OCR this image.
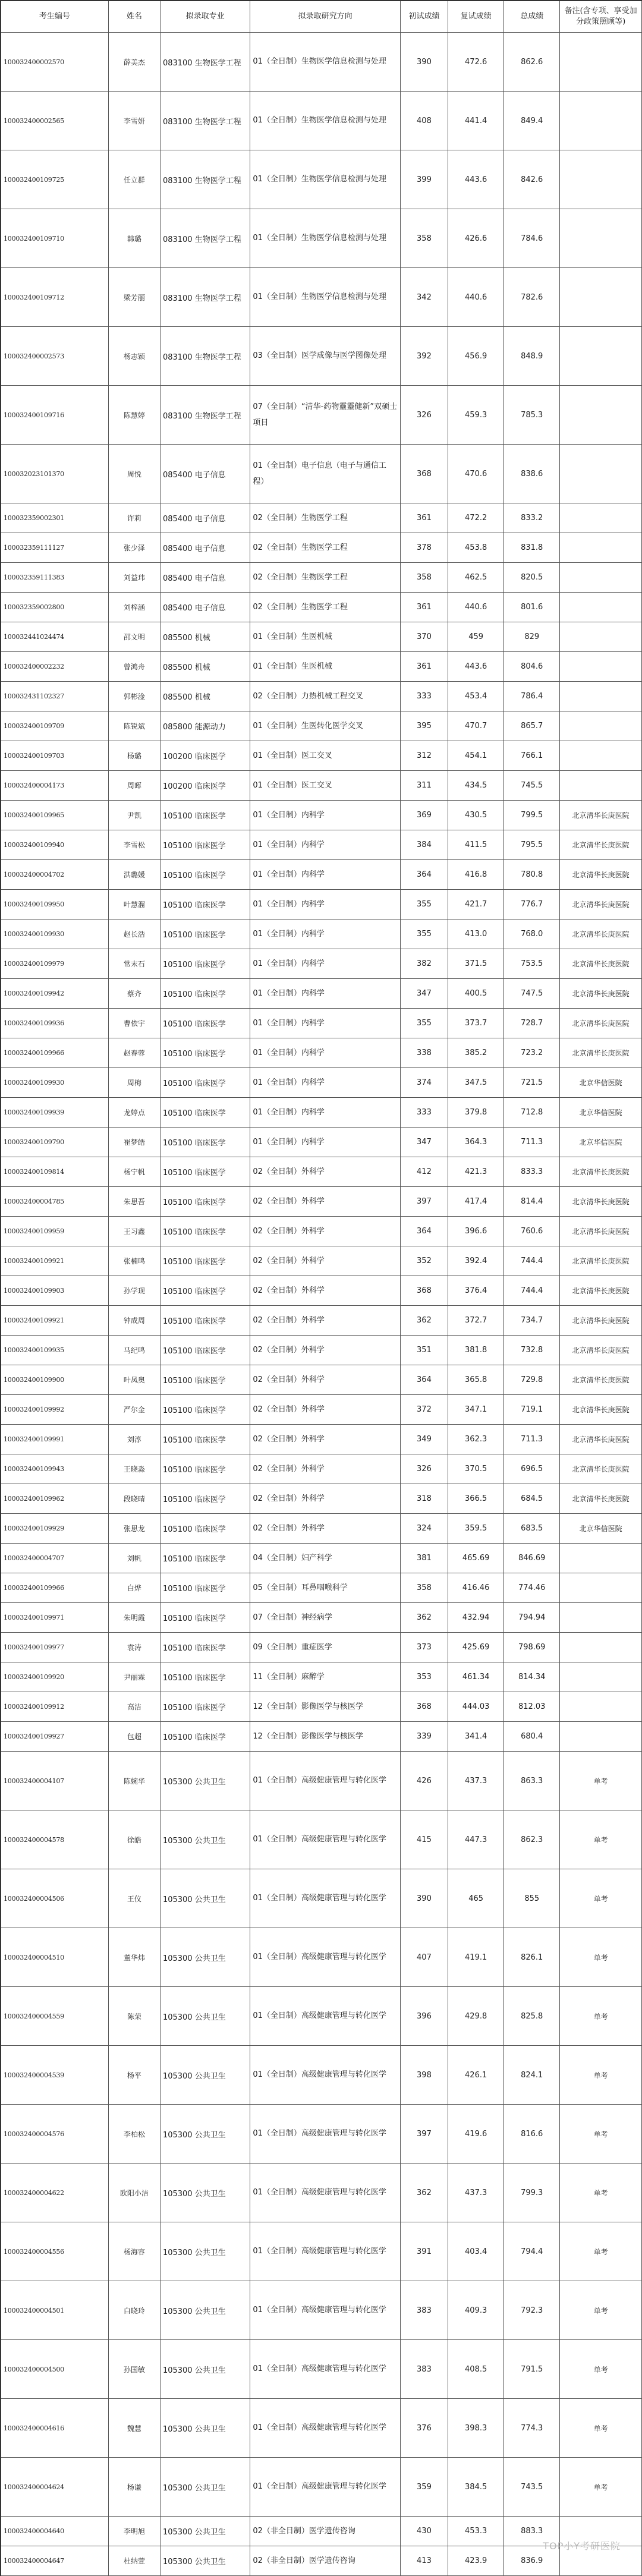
考生编号	姓名	拟录取专业	拟录取研究方向	初试成绩	复试成绩	总成绩	备注(含专项、享受加分政策照顾等)
100032400002570	薛美杰	083100 生物医学工程	01（全日制）生物医学信息检测与处理	390	472.6	862.6	
100032400002565	李雪妍	083100 生物医学工程	01（全日制）生物医学信息检测与处理	408	441.4	849.4	
100032400109725	任立群	083100 生物医学工程	01（全日制）生物医学信息检测与处理	399	443.6	842.6	
100032400109710	韩璐	083100 生物医学工程	01（全日制）生物医学信息检测与处理	358	426.6	784.6	
100032400109712	梁芳丽	083100 生物医学工程	01（全日制）生物医学信息检测与处理	342	440.6	782.6	
100032400002573	杨志颖	083100 生物医学工程	03（全日制）医学成像与医学图像处理	392	456.9	848.9	
100032400109716	陈慧婷	083100 生物医学工程	07（全日制）“清华-药物靈靈健新”双硕士项目	326	459.3	785.3	
100032023101370	周悦	085400 电子信息	01（全日制）电子信息（电子与通信工程）	368	470.6	838.6	
100032359002301	许莉	085400 电子信息	02（全日制）生物医学工程	361	472.2	833.2	
100032359111127	张少泽	085400 电子信息	02（全日制）生物医学工程	378	453.8	831.8	
100032359111383	刘益玮	085400 电子信息	02（全日制）生物医学工程	358	462.5	820.5	
100032359002800	刘梓涵	085400 电子信息	02（全日制）生物医学工程	361	440.6	801.6	
100032441024474	邵文明	085500 机械	01（全日制）生医机械	370	459	829	
100032400002232	曾鸿舟	085500 机械	01（全日制）生医机械	361	443.6	804.6	
100032431102327	郭彬淦	085500 机械	02（全日制）力热机械工程交叉	333	453.4	786.4	
100032400109709	陈锐斌	085800 能源动力	01（全日制）生医转化医学交叉	395	470.7	865.7	
100032400109703	杨璐	100200 临床医学	01（全日制）医工交叉	312	454.1	766.1	
100032400004173	周晖	100200 临床医学	01（全日制）医工交叉	311	434.5	745.5	
100032400109965	尹凯	105100 临床医学	01（全日制）内科学	369	430.5	799.5	北京清华长庚医院
100032400109940	李雪松	105100 临床医学	01（全日制）内科学	384	411.5	795.5	北京清华长庚医院
100032400004702	洪璐媛	105100 临床医学	01（全日制）内科学	364	416.8	780.8	北京清华长庚医院
100032400109950	叶慧溜	105100 临床医学	01（全日制）内科学	355	421.7	776.7	北京清华长庚医院
100032400109930	赵长浩	105100 临床医学	01（全日制）内科学	355	413.0	768.0	北京清华长庚医院
100032400109979	常末石	105100 临床医学	01（全日制）内科学	382	371.5	753.5	北京清华长庚医院
100032400109942	蔡齐	105100 临床医学	01（全日制）内科学	347	400.5	747.5	北京清华长庚医院
100032400109936	曹依宇	105100 临床医学	01（全日制）内科学	355	373.7	728.7	北京清华长庚医院
100032400109966	赵春蓉	105100 临床医学	01（全日制）内科学	338	385.2	723.2	北京清华长庚医院
100032400109930	周梅	105100 临床医学	01（全日制）内科学	374	347.5	721.5	北京华信医院
100032400109939	龙婷点	105100 临床医学	01（全日制）内科学	333	379.8	712.8	北京华信医院
100032400109790	崔梦皓	105100 临床医学	01（全日制）内科学	347	364.3	711.3	北京华信医院
100032400109814	杨宁帆	105100 临床医学	02（全日制）外科学	412	421.3	833.3	北京清华长庚医院
100032400004785	朱思吾	105100 临床医学	02（全日制）外科学	397	417.4	814.4	北京清华长庚医院
100032400109959	王习鑫	105100 临床医学	02（全日制）外科学	364	396.6	760.6	北京清华长庚医院
100032400109921	张楠鸣	105100 临床医学	02（全日制）外科学	352	392.4	744.4	北京清华长庚医院
100032400109903	孙学现	105100 临床医学	02（全日制）外科学	368	376.4	744.4	北京清华长庚医院
100032400109921	钟成周	105100 临床医学	02（全日制）外科学	362	372.7	734.7	北京清华长庚医院
100032400109935	马纪鸣	105100 临床医学	02（全日制）外科学	351	381.8	732.8	北京清华长庚医院
100032400109900	叶凤奥	105100 临床医学	02（全日制）外科学	364	365.8	729.8	北京清华长庚医院
100032400109992	严尔金	105100 临床医学	02（全日制）外科学	372	347.1	719.1	北京清华长庚医院
100032400109991	刘淳	105100 临床医学	02（全日制）外科学	349	362.3	711.3	北京清华长庚医院
100032400109943	王晓淼	105100 临床医学	02（全日制）外科学	326	370.5	696.5	北京清华长庚医院
100032400109962	段晓晴	105100 临床医学	02（全日制）外科学	318	366.5	684.5	北京清华长庚医院
100032400109929	张思龙	105100 临床医学	02（全日制）外科学	324	359.5	683.5	北京华信医院
100032400004707	刘帆	105100 临床医学	04（全日制）妇产科学	381	465.69	846.69	
100032400109966	白烨	105100 临床医学	05（全日制）耳鼻咽喉科学	358	416.46	774.46	
100032400109971	朱明霞	105100 临床医学	07（全日制）神经病学	362	432.94	794.94	
100032400109977	袁涛	105100 临床医学	09（全日制）重症医学	373	425.69	798.69	
100032400109920	尹丽霖	105100 临床医学	11（全日制）麻醉学	353	461.34	814.34	
100032400109912	高洁	105100 临床医学	12（全日制）影像医学与核医学	368	444.03	812.03	
100032400109927	包超	105100 临床医学	12（全日制）影像医学与核医学	339	341.4	680.4	
100032400004107	陈婉华	105300 公共卫生	01（全日制）高级健康管理与转化医学	426	437.3	863.3	单考
100032400004578	徐皓	105300 公共卫生	01（全日制）高级健康管理与转化医学	415	447.3	862.3	单考
100032400004506	王仪	105300 公共卫生	01（全日制）高级健康管理与转化医学	390	465	855	单考
100032400004510	董华炜	105300 公共卫生	01（全日制）高级健康管理与转化医学	407	419.1	826.1	单考
100032400004559	陈荣	105300 公共卫生	01（全日制）高级健康管理与转化医学	396	429.8	825.8	单考
100032400004539	杨平	105300 公共卫生	01（全日制）高级健康管理与转化医学	398	426.1	824.1	单考
100032400004576	李柏松	105300 公共卫生	01（全日制）高级健康管理与转化医学	397	419.6	816.6	单考
100032400004622	欧阳小洁	105300 公共卫生	01（全日制）高级健康管理与转化医学	362	437.3	799.3	单考
100032400004556	杨海容	105300 公共卫生	01（全日制）高级健康管理与转化医学	391	403.4	794.4	单考
100032400004501	白晓玲	105300 公共卫生	01（全日制）高级健康管理与转化医学	383	409.3	792.3	单考
100032400004500	孙国敏	105300 公共卫生	01（全日制）高级健康管理与转化医学	383	408.5	791.5	单考
100032400004616	魏慧	105300 公共卫生	01（全日制）高级健康管理与转化医学	376	398.3	774.3	单考
100032400004624	杨谦	105300 公共卫生	01（全日制）高级健康管理与转化医学	359	384.5	743.5	单考
100032400004640	李明旭	105300 公共卫生	02（非全日制）医学遗传咨询	430	453.3	883.3	
100032400004647	杜纳萱	105300 公共卫生	02（非全日制）医学遗传咨询	413	423.9	836.9	
TOP小Y考研医院
